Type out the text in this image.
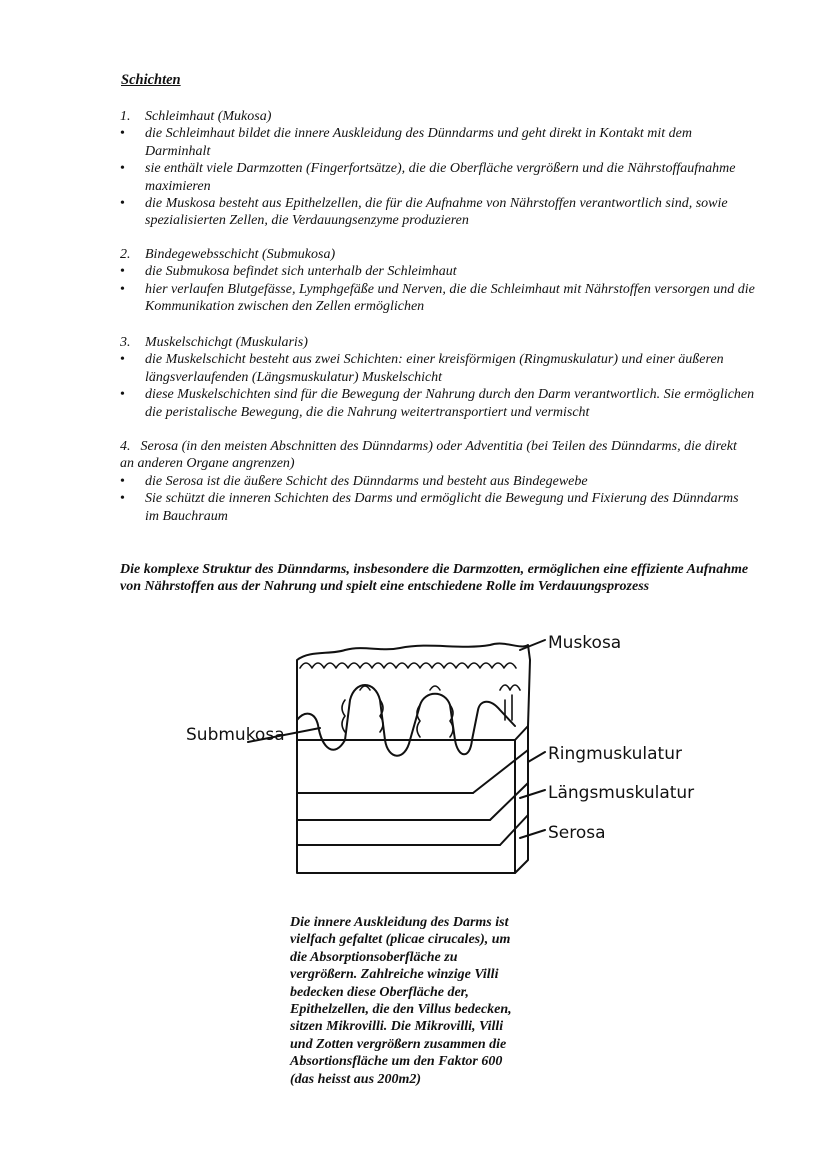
Schichten
1. Schleimhaut (Mukosa)
• die Schleimhaut bildet die innere Auskleidung des Dünndarms und geht direkt in Kontakt mit dem
Darminhalt
• sie enthält viele Darmzotten (Fingerfortsätze), die die Oberfläche vergrößern und die Nährstoffaufnahme
maximieren
• die Muskosa besteht aus Epithelzellen, die für die Aufnahme von Nährstoffen verantwortlich sind, sowie
spezialisierten Zellen, die Verdauungsenzyme produzieren
2. Bindegewebsschicht (Submukosa)
• die Submukosa befindet sich unterhalb der Schleimhaut
• hier verlaufen Blutgefässe, Lymphgefäße und Nerven, die die Schleimhaut mit Nährstoffen versorgen und die
Kommunikation zwischen den Zellen ermöglichen
3. Muskelschichgt (Muskularis)
• die Muskelschicht besteht aus zwei Schichten: einer kreisförmigen (Ringmuskulatur) und einer äußeren
längsverlaufenden (Längsmuskulatur) Muskelschicht
• diese Muskelschichten sind für die Bewegung der Nahrung durch den Darm verantwortlich. Sie ermöglichen
die peristalische Bewegung, die die Nahrung weitertransportiert und vermischt
4. Serosa (in den meisten Abschnitten des Dünndarms) oder Adventitia (bei Teilen des Dünndarms, die direkt

an anderen Organe angrenzen)
• die Serosa ist die äußere Schicht des Dünndarms und besteht aus Bindegewebe
• Sie schützt die inneren Schichten des Darms und ermöglicht die Bewegung und Fixierung des Dünndarms
im Bauchraum
Die komplexe Struktur des Dünndarms, insbesondere die Darmzotten, ermöglichen eine effiziente Aufnahme
von Nährstoffen aus der Nahrung und spielt eine entschiedene Rolle im Verdauungsprozess
Muskosa
Submukosa
Ringmuskulatur
Längsmuskulatur
Serosa
Die innere Auskleidung des Darms ist
vielfach gefaltet (plicae cirucales), um
die Absorptionsoberfläche zu
vergrößern. Zahlreiche winzige Villi
bedecken diese Oberfläche der,
Epithelzellen, die den Villus bedecken,
sitzen Mikrovilli. Die Mikrovilli, Villi
und Zotten vergrößern zusammen die
Absortionsfläche um den Faktor 600
(das heisst aus 200m2)
